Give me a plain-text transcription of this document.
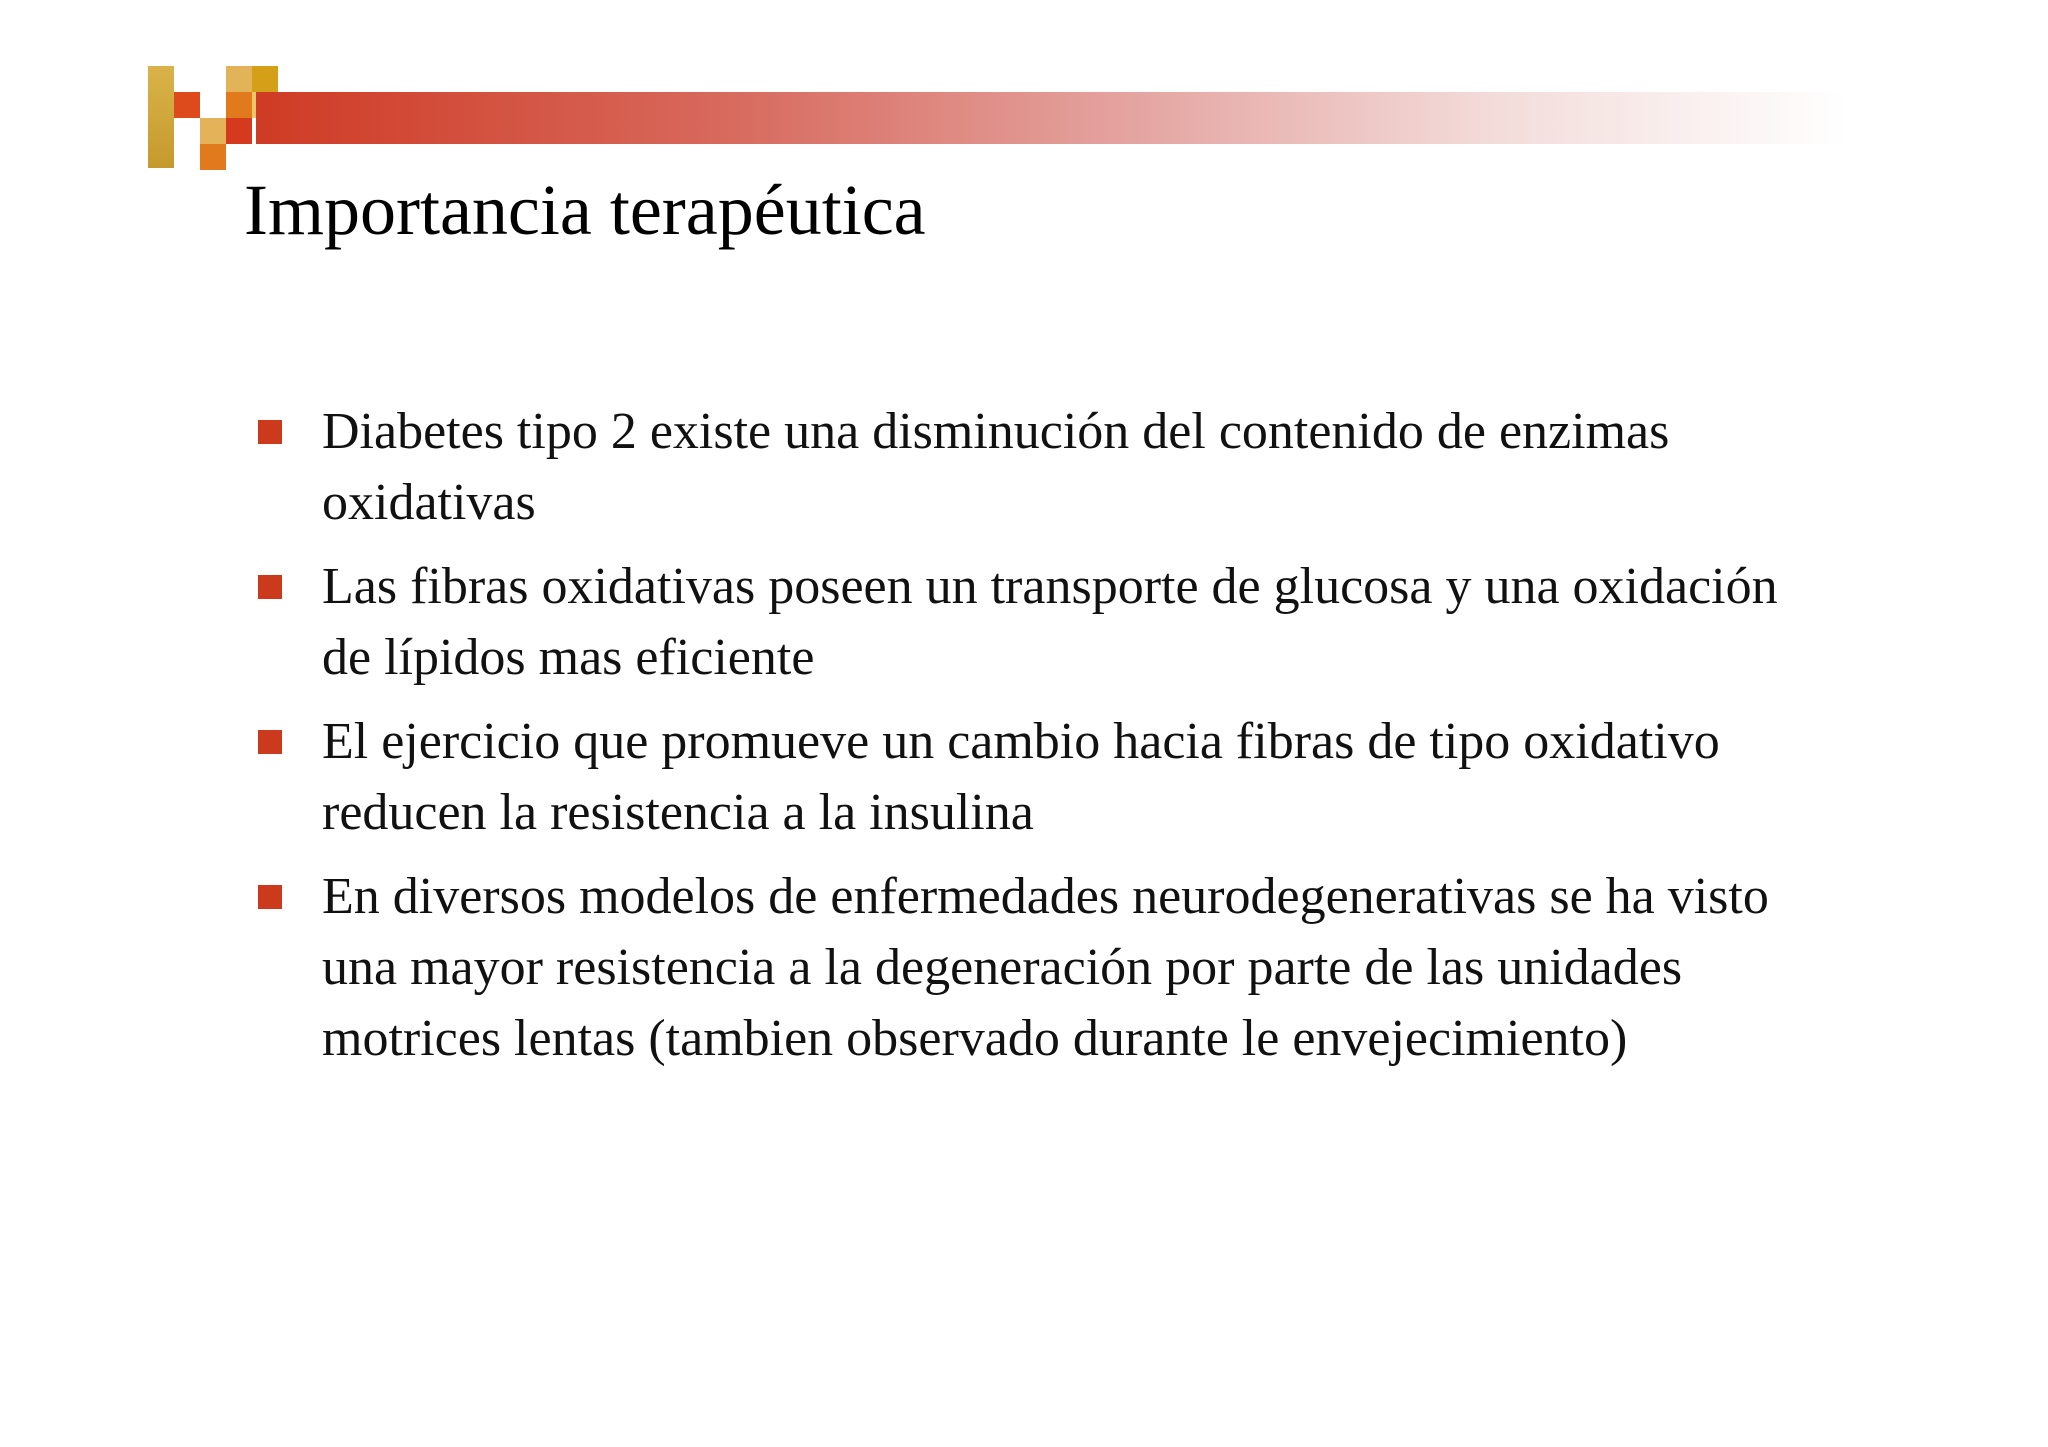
Importancia terapéutica
Diabetes tipo 2 existe una disminución del contenido de enzimas oxidativas
Las fibras oxidativas poseen un transporte de glucosa y una oxidación de lípidos mas eficiente
El ejercicio que promueve un cambio hacia fibras de tipo oxidativo reducen la resistencia a la insulina
En diversos modelos de enfermedades neurodegenerativas se ha visto una mayor resistencia a la degeneración por parte de las unidades motrices lentas (tambien observado durante le envejecimiento)
